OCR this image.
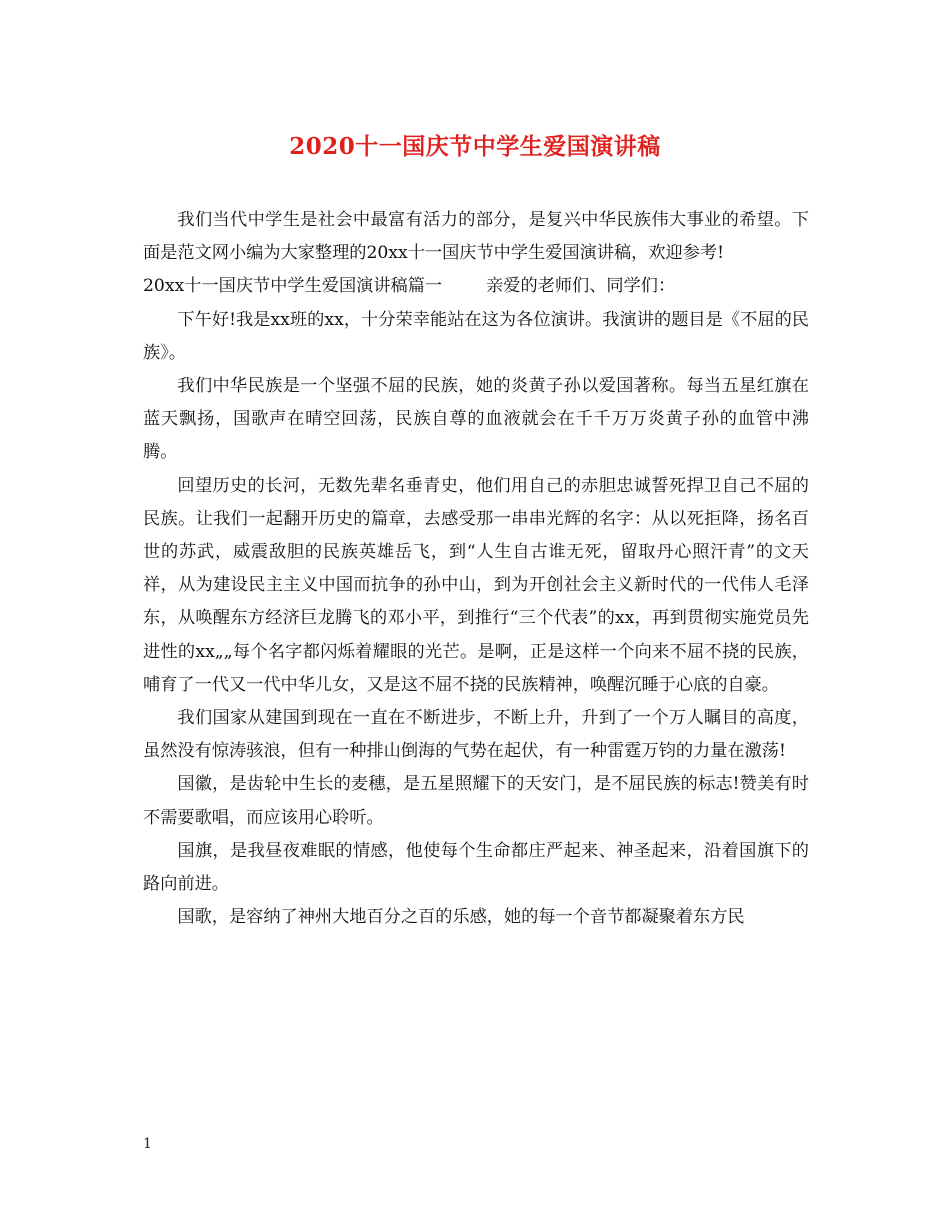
2020十一国庆节中学生爱国演讲稿

我们当代中学生是社会中最富有活力的部分，是复兴中华民族伟大事业的希望。下面是范文网小编为大家整理的20xx十一国庆节中学生爱国演讲稿，欢迎参考!

20xx十一国庆节中学生爱国演讲稿篇一	亲爱的老师们、同学们：

下午好!我是xx班的xx，十分荣幸能站在这为各位演讲。我演讲的题目是《不屈的民族》。

我们中华民族是一个坚强不屈的民族，她的炎黄子孙以爱国著称。每当五星红旗在蓝天飘扬，国歌声在晴空回荡，民族自尊的血液就会在千千万万炎黄子孙的血管中沸腾。

回望历史的长河，无数先辈名垂青史，他们用自己的赤胆忠诚誓死捍卫自己不屈的民族。让我们一起翻开历史的篇章，去感受那一串串光辉的名字：从以死拒降，扬名百世的苏武，威震敌胆的民族英雄岳飞，到“人生自古谁无死，留取丹心照汗青”的文天祥，从为建设民主主义中国而抗争的孙中山，到为开创社会主义新时代的一代伟人毛泽东，从唤醒东方经济巨龙腾飞的邓小平，到推行“三个代表”的xx，再到贯彻实施党员先进性的xx„„每个名字都闪烁着耀眼的光芒。是啊，正是这样一个向来不屈不挠的民族，哺育了一代又一代中华儿女，又是这不屈不挠的民族精神，唤醒沉睡于心底的自豪。

我们国家从建国到现在一直在不断进步，不断上升，升到了一个万人瞩目的高度，虽然没有惊涛骇浪，但有一种排山倒海的气势在起伏，有一种雷霆万钧的力量在激荡!

国徽，是齿轮中生长的麦穗，是五星照耀下的天安门，是不屈民族的标志!赞美有时不需要歌唱，而应该用心聆听。

国旗，是我昼夜难眠的情感，他使每个生命都庄严起来、神圣起来，沿着国旗下的路向前进。

国歌，是容纳了神州大地百分之百的乐感，她的每一个音节都凝聚着东方民

1
